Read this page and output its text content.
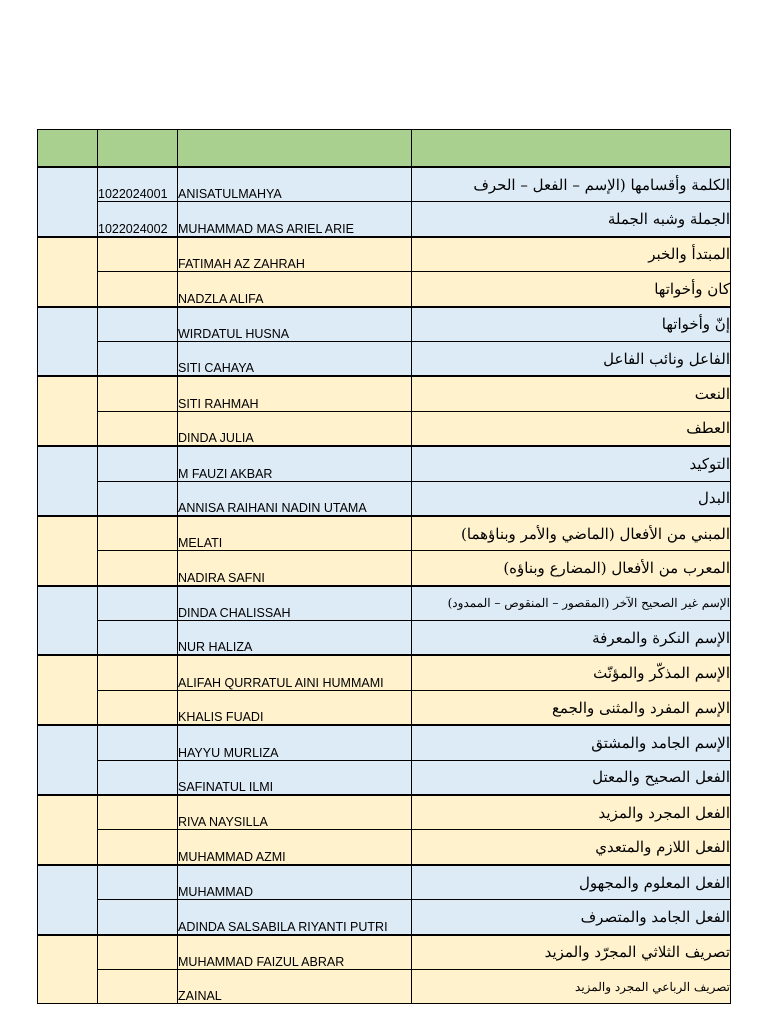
	1022024001	ANISATULMAHYA	الكلمة وأقسامها (الإسم – الفعل – الحرف
	1022024002	MUHAMMAD MAS ARIEL ARIE	الجملة وشبه الجملة
		FATIMAH AZ ZAHRAH	المبتدأ والخبر
		NADZLA ALIFA	كان وأخواتها
		WIRDATUL HUSNA	إنّ وأخواتها
		SITI CAHAYA	الفاعل ونائب الفاعل
		SITI RAHMAH	النعت
		DINDA JULIA	العطف
		M FAUZI AKBAR	التوكيد
		ANNISA RAIHANI NADIN UTAMA	البدل
		MELATI	المبني من الأفعال (الماضي والأمر وبناؤهما)
		NADIRA SAFNI	المعرب من الأفعال (المضارع وبناؤه)
		DINDA CHALISSAH	الإسم غير الصحيح الآخر (المقصور – المنقوص – الممدود)
		NUR HALIZA	الإسم النكرة والمعرفة
		ALIFAH QURRATUL AINI HUMMAMI	الإسم المذكّر والمؤنّث
		KHALIS FUADI	الإسم المفرد والمثنى والجمع
		HAYYU MURLIZA	الإسم الجامد والمشتق
		SAFINATUL ILMI	الفعل الصحيح والمعتل
		RIVA NAYSILLA	الفعل المجرد والمزيد
		MUHAMMAD AZMI	الفعل اللازم والمتعدي
		MUHAMMAD	الفعل المعلوم والمجهول
		ADINDA SALSABILA RIYANTI PUTRI	الفعل الجامد والمتصرف
		MUHAMMAD FAIZUL ABRAR	تصريف الثلاثي المجرّد والمزيد
		ZAINAL	تصريف الرباعي المجرد والمزيد
